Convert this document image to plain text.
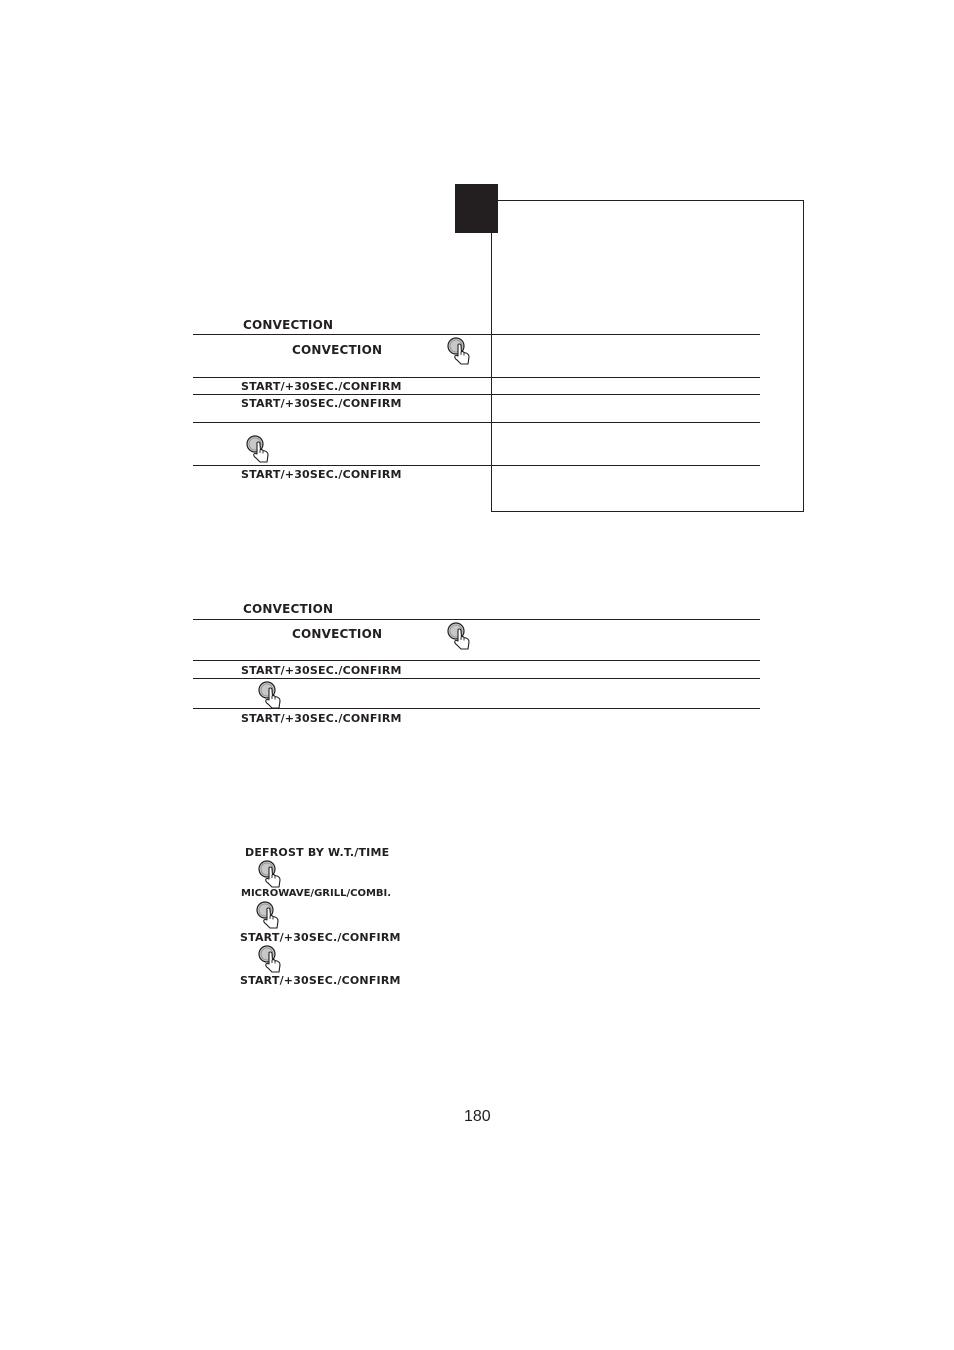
CONVECTION
CONVECTION
START/+30SEC./CONFIRM
START/+30SEC./CONFIRM
START/+30SEC./CONFIRM
CONVECTION
CONVECTION
START/+30SEC./CONFIRM
START/+30SEC./CONFIRM
DEFROST BY W.T./TIME
MICROWAVE/GRILL/COMBI.
START/+30SEC./CONFIRM
START/+30SEC./CONFIRM
180
